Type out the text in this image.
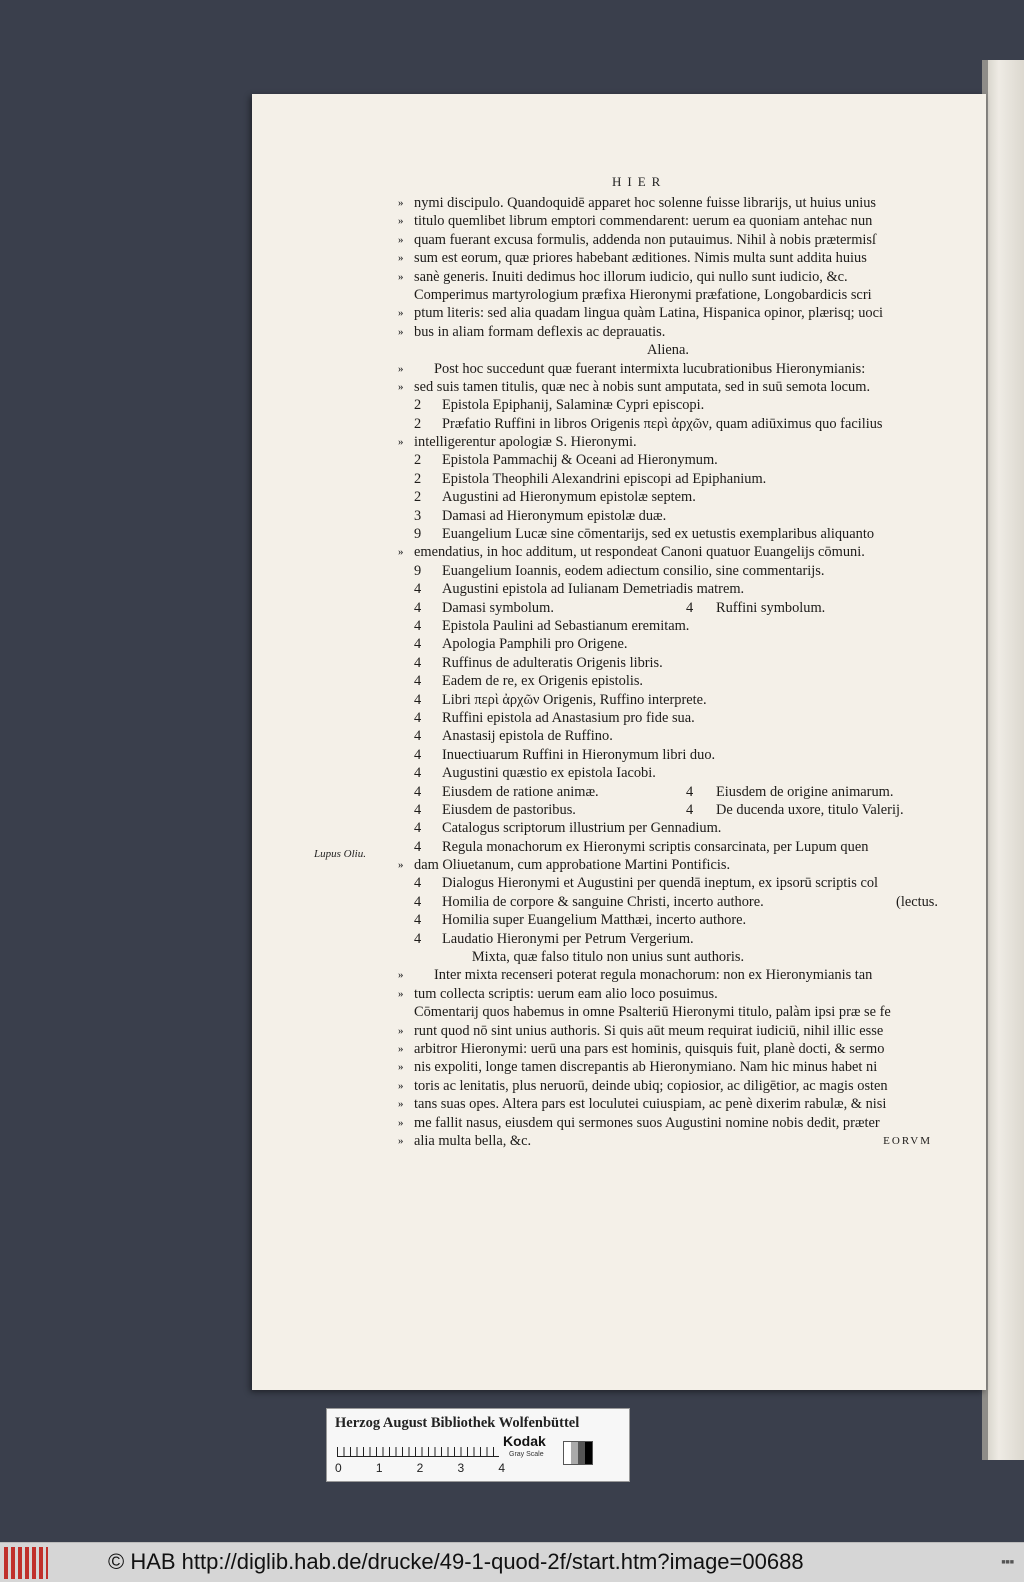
HIER
Lupus Oliu.
» nymi discipulo. Quandoquidē apparet hoc solenne fuisse librarijs, ut huius unius
» titulo quemlibet librum emptori commendarent: uerum ea quoniam antehac nun
» quam fuerant excusa formulis, addenda non putauimus. Nihil à nobis prætermisſ
» sum est eorum, quæ priores habebant æditiones. Nimis multa sunt addita huius
» sanè generis. Inuiti dedimus hoc illorum iudicio, qui nullo sunt iudicio, &c.
Comperimus martyrologium præfixa Hieronymi præfatione, Longobardicis scri
» ptum literis: sed alia quadam lingua quàm Latina, Hispanica opinor, plærisq; uoci
» bus in aliam formam deflexis ac deprauatis.
Aliena.
»	Post hoc succedunt quæ fuerant intermixta lucubrationibus Hieronymianis:
» sed suis tamen titulis, quæ nec à nobis sunt amputata, sed in suū semota locum.
2	Epistola Epiphanij, Salaminæ Cypri episcopi.
2	Præfatio Ruffini in libros Origenis περὶ ἀρχῶν, quam adiūximus quo facilius
» intelligerentur apologiæ S. Hieronymi.
2	Epistola Pammachij & Oceani ad Hieronymum.
2	Epistola Theophili Alexandrini episcopi ad Epiphanium.
2	Augustini ad Hieronymum epistolæ septem.
3	Damasi ad Hieronymum epistolæ duæ.
9	Euangelium Lucæ sine cōmentarijs, sed ex uetustis exemplaribus aliquanto
» emendatius, in hoc additum, ut respondeat Canoni quatuor Euangelijs cōmuni.
9	Euangelium Ioannis, eodem adiectum consilio, sine commentarijs.
4	Augustini epistola ad Iulianam Demetriadis matrem.
4	Damasi symbolum.	4 Ruffini symbolum.
4	Epistola Paulini ad Sebastianum eremitam.
4	Apologia Pamphili pro Origene.
4	Ruffinus de adulteratis Origenis libris.
4	Eadem de re, ex Origenis epistolis.
4	Libri περὶ ἀρχῶν Origenis, Ruffino interprete.
4	Ruffini epistola ad Anastasium pro fide sua.
4	Anastasij epistola de Ruffino.
4	Inuectiuarum Ruffini in Hieronymum libri duo.
4	Augustini quæstio ex epistola Iacobi.
4	Eiusdem de ratione animæ.	4 Eiusdem de origine animarum.
4	Eiusdem de pastoribus.	4 De ducenda uxore, titulo Valerij.
4	Catalogus scriptorum illustrium per Gennadium.
4	Regula monachorum ex Hieronymi scriptis consarcinata, per Lupum quen
» dam Oliuetanum, cum approbatione Martini Pontificis.
4	Dialogus Hieronymi et Augustini per quendā ineptum, ex ipsorū scriptis col
4	Homilia de corpore & sanguine Christi, incerto authore.	(lectus.
4	Homilia super Euangelium Matthæi, incerto authore.
4	Laudatio Hieronymi per Petrum Vergerium.
Mixta, quæ falso titulo non unius sunt authoris.
»	Inter mixta recenseri poterat regula monachorum: non ex Hieronymianis tan
» tum collecta scriptis: uerum eam alio loco posuimus.
Cōmentarij quos habemus in omne Psalteriū Hieronymi titulo, palàm ipsi præ se fe
» runt quod nō sint unius authoris. Si quis aūt meum requirat iudiciū, nihil illic esse
» arbitror Hieronymi: uerū una pars est hominis, quisquis fuit, planè docti, & sermo
» nis expoliti, longe tamen discrepantis ab Hieronymiano. Nam hic minus habet ni
» toris ac lenitatis, plus neruorū, deinde ubiq; copiosior, ac diligētior, ac magis osten
» tans suas opes. Altera pars est loculutei cuiuspiam, ac penè dixerim rabulæ, & nisi
» me fallit nasus, eiusdem qui sermones suos Augustini nomine nobis dedit, præter
» alia multa bella, &c.	EORVM
Herzog August Bibliothek Wolfenbüttel
0	1	2	3	4
Kodak
Gray Scale
© HAB http://diglib.hab.de/drucke/49-1-quod-2f/start.htm?image=00688	■■■
